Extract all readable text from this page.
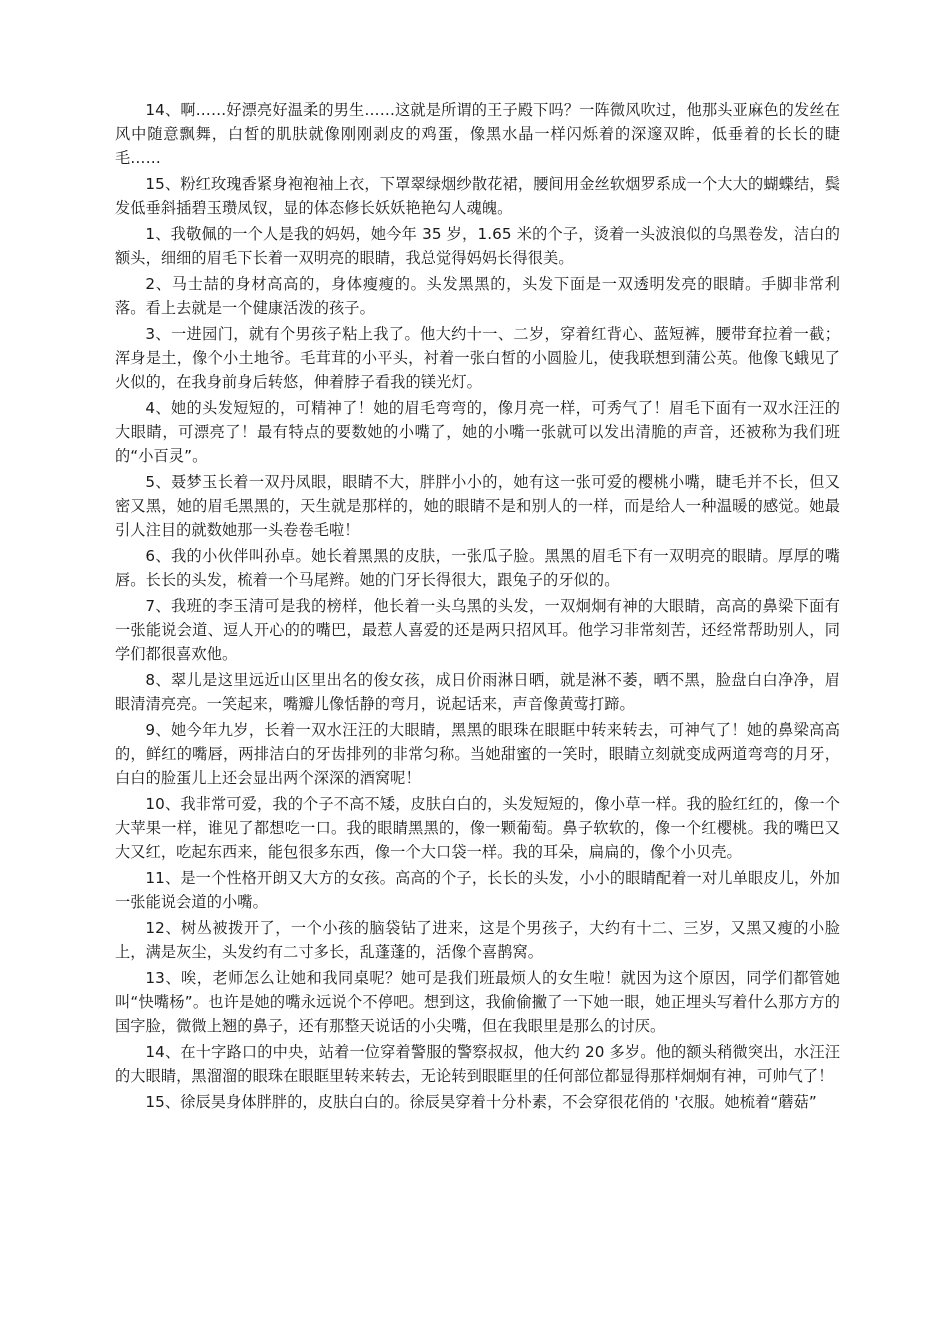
14、啊……好漂亮好温柔的男生……这就是所谓的王子殿下吗？一阵微风吹过，他那头亚麻色的发丝在风中随意飘舞，白皙的肌肤就像刚刚剥皮的鸡蛋，像黑水晶一样闪烁着的深邃双眸，低垂着的长长的睫毛……

15、粉红玫瑰香紧身袍袍袖上衣，下罩翠绿烟纱散花裙，腰间用金丝软烟罗系成一个大大的蝴蝶结，鬓发低垂斜插碧玉瓒凤钗，显的体态修长妖妖艳艳勾人魂魄。

1、我敬佩的一个人是我的妈妈，她今年 35 岁，1.65 米的个子，烫着一头波浪似的乌黑卷发，洁白的额头，细细的眉毛下长着一双明亮的眼睛，我总觉得妈妈长得很美。

2、马士喆的身材高高的，身体瘦瘦的。头发黑黑的，头发下面是一双透明发亮的眼睛。手脚非常利落。看上去就是一个健康活泼的孩子。

3、一进园门，就有个男孩子粘上我了。他大约十一、二岁，穿着红背心、蓝短裤，腰带耷拉着一截；浑身是土，像个小土地爷。毛茸茸的小平头，衬着一张白皙的小圆脸儿，使我联想到蒲公英。他像飞蛾见了火似的，在我身前身后转悠，伸着脖子看我的镁光灯。

4、她的头发短短的，可精神了！她的眉毛弯弯的，像月亮一样，可秀气了！眉毛下面有一双水汪汪的大眼睛，可漂亮了！最有特点的要数她的小嘴了，她的小嘴一张就可以发出清脆的声音，还被称为我们班的“小百灵”。

5、聂梦玉长着一双丹凤眼，眼睛不大，胖胖小小的，她有这一张可爱的樱桃小嘴，睫毛并不长，但又密又黑，她的眉毛黑黑的，天生就是那样的，她的眼睛不是和别人的一样，而是给人一种温暖的感觉。她最引人注目的就数她那一头卷卷毛啦！

6、我的小伙伴叫孙卓。她长着黑黑的皮肤，一张瓜子脸。黑黑的眉毛下有一双明亮的眼睛。厚厚的嘴唇。长长的头发，梳着一个马尾辫。她的门牙长得很大，跟兔子的牙似的。

7、我班的李玉清可是我的榜样，他长着一头乌黑的头发，一双炯炯有神的大眼睛，高高的鼻梁下面有一张能说会道、逗人开心的的嘴巴，最惹人喜爱的还是两只招风耳。他学习非常刻苦，还经常帮助别人，同学们都很喜欢他。

8、翠儿是这里远近山区里出名的俊女孩，成日价雨淋日晒，就是淋不萎，晒不黑，脸盘白白净净，眉眼清清亮亮。一笑起来，嘴瓣儿像恬静的弯月，说起话来，声音像黄莺打蹄。

9、她今年九岁，长着一双水汪汪的大眼睛，黑黑的眼珠在眼眶中转来转去，可神气了！她的鼻梁高高的，鲜红的嘴唇，两排洁白的牙齿排列的非常匀称。当她甜蜜的一笑时，眼睛立刻就变成两道弯弯的月牙，白白的脸蛋儿上还会显出两个深深的酒窝呢！

10、我非常可爱，我的个子不高不矮，皮肤白白的，头发短短的，像小草一样。我的脸红红的，像一个大苹果一样，谁见了都想吃一口。我的眼睛黑黑的，像一颗葡萄。鼻子软软的，像一个红樱桃。我的嘴巴又大又红，吃起东西来，能包很多东西，像一个大口袋一样。我的耳朵，扁扁的，像个小贝壳。

11、是一个性格开朗又大方的女孩。高高的个子，长长的头发，小小的眼睛配着一对儿单眼皮儿，外加一张能说会道的小嘴。

12、树丛被拨开了，一个小孩的脑袋钻了进来，这是个男孩子，大约有十二、三岁，又黑又瘦的小脸上，满是灰尘，头发约有二寸多长，乱蓬蓬的，活像个喜鹊窝。

13、唉，老师怎么让她和我同桌呢？她可是我们班最烦人的女生啦！就因为这个原因，同学们都管她叫“快嘴杨”。也许是她的嘴永远说个不停吧。想到这，我偷偷撇了一下她一眼，她正埋头写着什么那方方的国字脸，微微上翘的鼻子，还有那整天说话的小尖嘴，但在我眼里是那么的讨厌。

14、在十字路口的中央，站着一位穿着警服的警察叔叔，他大约 20 多岁。他的额头稍微突出，水汪汪的大眼睛，黑溜溜的眼珠在眼眶里转来转去，无论转到眼眶里的任何部位都显得那样炯炯有神，可帅气了！

15、徐辰昊身体胖胖的，皮肤白白的。徐辰昊穿着十分朴素，不会穿很花俏的 '衣服。她梳着“蘑菇”
